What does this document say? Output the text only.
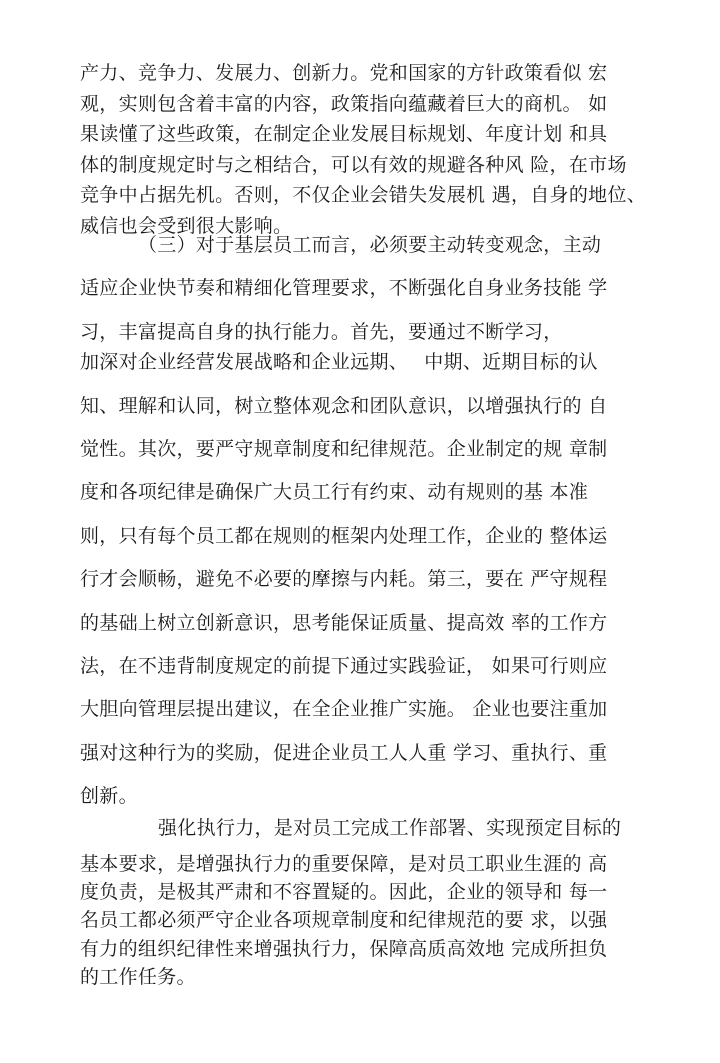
产力、竞争力、发展力、创新力。党和国家的方针政策看似 宏
观，实则包含着丰富的内容，政策指向蕴藏着巨大的商机。 如
果读懂了这些政策，在制定企业发展目标规划、年度计划 和具
体的制度规定时与之相结合，可以有效的规避各种风 险，在市场
竞争中占据先机。否则，不仅企业会错失发展机 遇，自身的地位、
威信也会受到很大影响。
（三）对于基层员工而言，必须要主动转变观念，主动
适应企业快节奏和精细化管理要求，不断强化自身业务技能 学
习，丰富提高自身的执行能力。首先，要通过不断学习，
加深对企业经营发展战略和企业远期、　 中期、近期目标的认
知、理解和认同，树立整体观念和团队意识，以增强执行的 自
觉性。其次，要严守规章制度和纪律规范。企业制定的规 章制
度和各项纪律是确保广大员工行有约束、动有规则的基 本准
则，只有每个员工都在规则的框架内处理工作，企业的 整体运
行才会顺畅，避免不必要的摩擦与内耗。第三，要在 严守规程
的基础上树立创新意识，思考能保证质量、提高效 率的工作方
法，在不违背制度规定的前提下通过实践验证， 如果可行则应
大胆向管理层提出建议，在全企业推广实施。 企业也要注重加
强对这种行为的奖励，促进企业员工人人重 学习、重执行、重
创新。
强化执行力，是对员工完成工作部署、实现预定目标的
基本要求，是增强执行力的重要保障，是对员工职业生涯的 高
度负责，是极其严肃和不容置疑的。因此，企业的领导和 每一
名员工都必须严守企业各项规章制度和纪律规范的要 求，以强
有力的组织纪律性来增强执行力，保障高质高效地 完成所担负
的工作任务。
